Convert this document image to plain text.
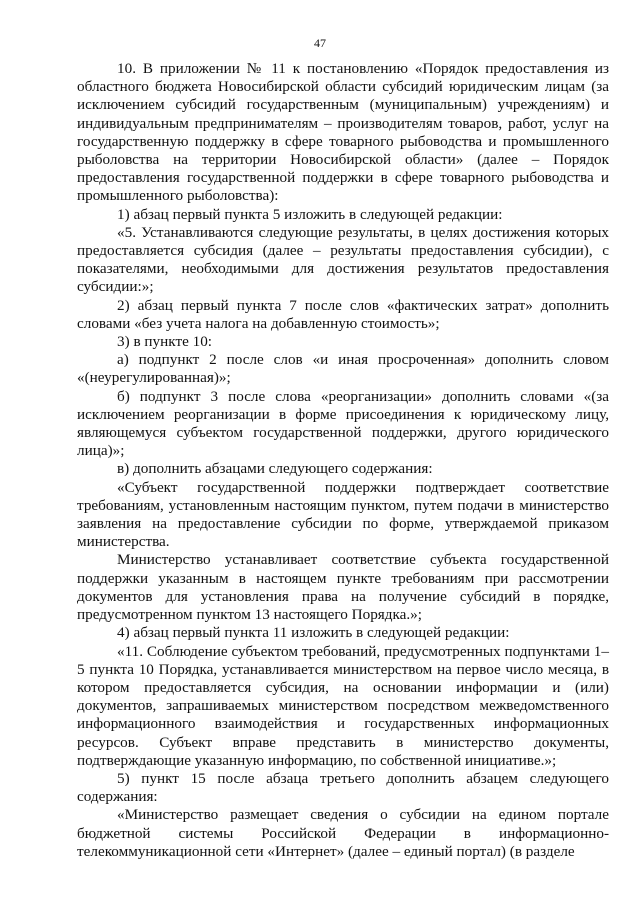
47

10. В приложении № 11 к постановлению «Порядок предоставления из областного бюджета Новосибирской области субсидий юридическим лицам (за исключением субсидий государственным (муниципальным) учреждениям) и индивидуальным предпринимателям – производителям товаров, работ, услуг на государственную поддержку в сфере товарного рыбоводства и промышленного рыболовства на территории Новосибирской области» (далее – Порядок предоставления государственной поддержки в сфере товарного рыбоводства и промышленного рыболовства):

1) абзац первый пункта 5 изложить в следующей редакции:

«5. Устанавливаются следующие результаты, в целях достижения которых предоставляется субсидия (далее – результаты предоставления субсидии), с показателями, необходимыми для достижения результатов предоставления субсидии:»;

2) абзац первый пункта 7 после слов «фактических затрат» дополнить словами «без учета налога на добавленную стоимость»;

3) в пункте 10:

а) подпункт 2 после слов «и иная просроченная» дополнить словом «(неурегулированная)»;

б) подпункт 3 после слова «реорганизации» дополнить словами «(за исключением реорганизации в форме присоединения к юридическому лицу, являющемуся субъектом государственной поддержки, другого юридического лица)»;

в) дополнить абзацами следующего содержания:

«Субъект государственной поддержки подтверждает соответствие требованиям, установленным настоящим пунктом, путем подачи в министерство заявления на предоставление субсидии по форме, утверждаемой приказом министерства.

Министерство устанавливает соответствие субъекта государственной поддержки указанным в настоящем пункте требованиям при рассмотрении документов для установления права на получение субсидий в порядке, предусмотренном пунктом 13 настоящего Порядка.»;

4) абзац первый пункта 11 изложить в следующей редакции:

«11. Соблюдение субъектом требований, предусмотренных подпунктами 1–5 пункта 10 Порядка, устанавливается министерством на первое число месяца, в котором предоставляется субсидия, на основании информации и (или) документов, запрашиваемых министерством посредством межведомственного информационного взаимодействия и государственных информационных ресурсов. Субъект вправе представить в министерство документы, подтверждающие указанную информацию, по собственной инициативе.»;

5) пункт 15 после абзаца третьего дополнить абзацем следующего содержания:

«Министерство размещает сведения о субсидии на едином портале бюджетной системы Российской Федерации в информационно-телекоммуникационной сети «Интернет» (далее – единый портал) (в разделе
